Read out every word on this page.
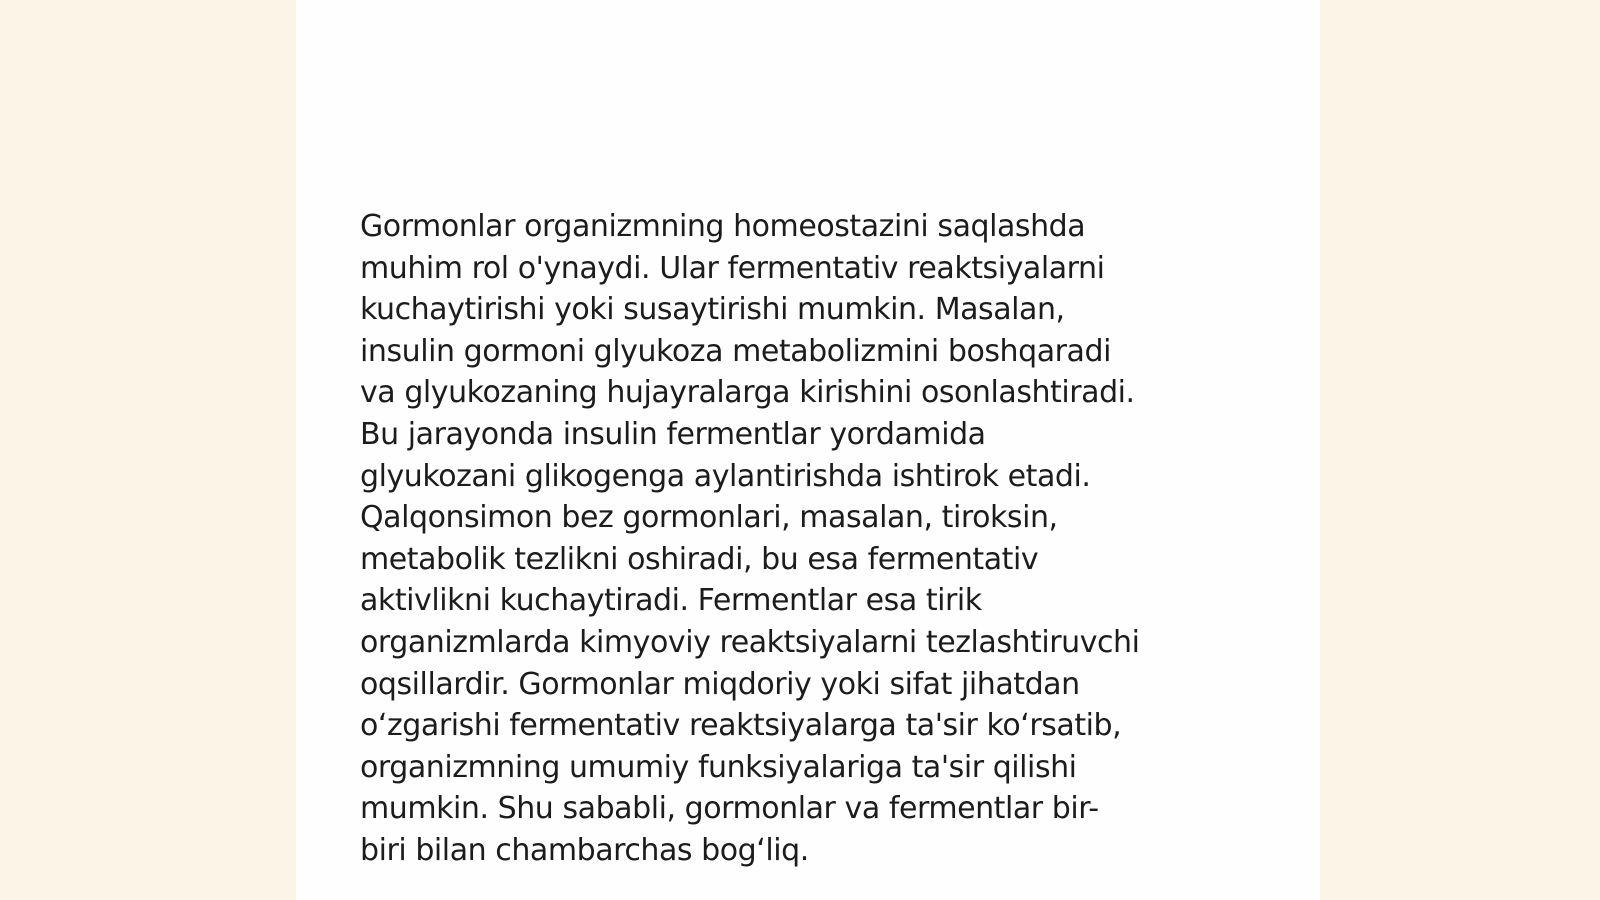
Gormonlar organizmning homeostazini saqlashda
muhim rol o'ynaydi. Ular fermentativ reaktsiyalarni
kuchaytirishi yoki susaytirishi mumkin. Masalan,
insulin gormoni glyukoza metabolizmini boshqaradi
va glyukozaning hujayralarga kirishini osonlashtiradi.
Bu jarayonda insulin fermentlar yordamida
glyukozani glikogenga aylantirishda ishtirok etadi.
Qalqonsimon bez gormonlari, masalan, tiroksin,
metabolik tezlikni oshiradi, bu esa fermentativ
aktivlikni kuchaytiradi. Fermentlar esa tirik
organizmlarda kimyoviy reaktsiyalarni tezlashtiruvchi
oqsillardir. Gormonlar miqdoriy yoki sifat jihatdan
o‘zgarishi fermentativ reaktsiyalarga ta'sir ko‘rsatib,
organizmning umumiy funksiyalariga ta'sir qilishi
mumkin. Shu sababli, gormonlar va fermentlar bir-
biri bilan chambarchas bog‘liq.
